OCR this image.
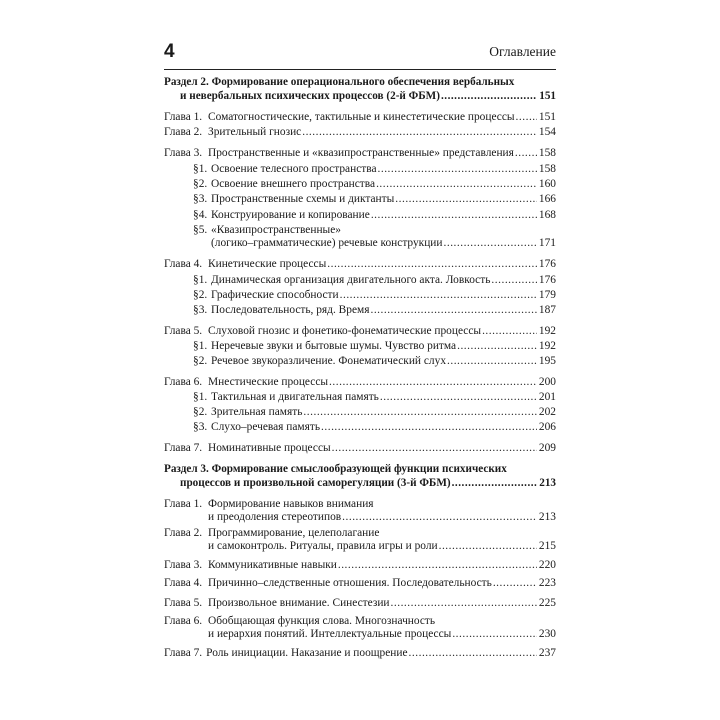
4	Оглавление
Раздел 2. Формирование операционального обеспечения вербальных
и невербальных психических процессов (2-й ФБМ) .....	151
Глава 1. Соматогностические, тактильные и кинестетические процессы ..... 151
Глава 2. Зрительный гнозис .....	154
Глава 3. Пространственные и «квазипространственные» представления ..... 158
§1. Освоение телесного пространства .....	158
§2. Освоение внешнего пространства .....	160
§3. Пространственные схемы и диктанты .....	166
§4. Конструирование и копирование .....	168
§5. «Квазипространственные»
(логико–грамматические) речевые конструкции .....	171
Глава 4. Кинетические процессы .....	176
§1. Динамическая организация двигательного акта. Ловкость .....	176
§2. Графические способности .....	179
§3. Последовательность, ряд. Время .....	187
Глава 5. Слуховой гнозис и фонетико-фонематические процессы .....	192
§1. Неречевые звуки и бытовые шумы. Чувство ритма .....	192
§2. Речевое звукоразличение. Фонематический слух .....	195
Глава 6. Мнестические процессы .....	200
§1. Тактильная и двигательная память .....	201
§2. Зрительная память .....	202
§3. Слухо–речевая память .....	206
Глава 7. Номинативные процессы .....	209
Раздел 3. Формирование смыслообразующей функции психических
процессов и произвольной саморегуляции (3-й ФБМ) .....	213
Глава 1. Формирование навыков внимания
и преодоления стереотипов .....	213
Глава 2. Программирование, целеполагание
и самоконтроль. Ритуалы, правила игры и роли .....	215
Глава 3. Коммуникативные навыки .....	220
Глава 4. Причинно–следственные отношения. Последовательность .....	223
Глава 5. Произвольное внимание. Синестезии .....	225
Глава 6. Обобщающая функция слова. Многозначность
и иерархия понятий. Интеллектуальные процессы .....	230
Глава 7. Роль инициации. Наказание и поощрение .....	237
